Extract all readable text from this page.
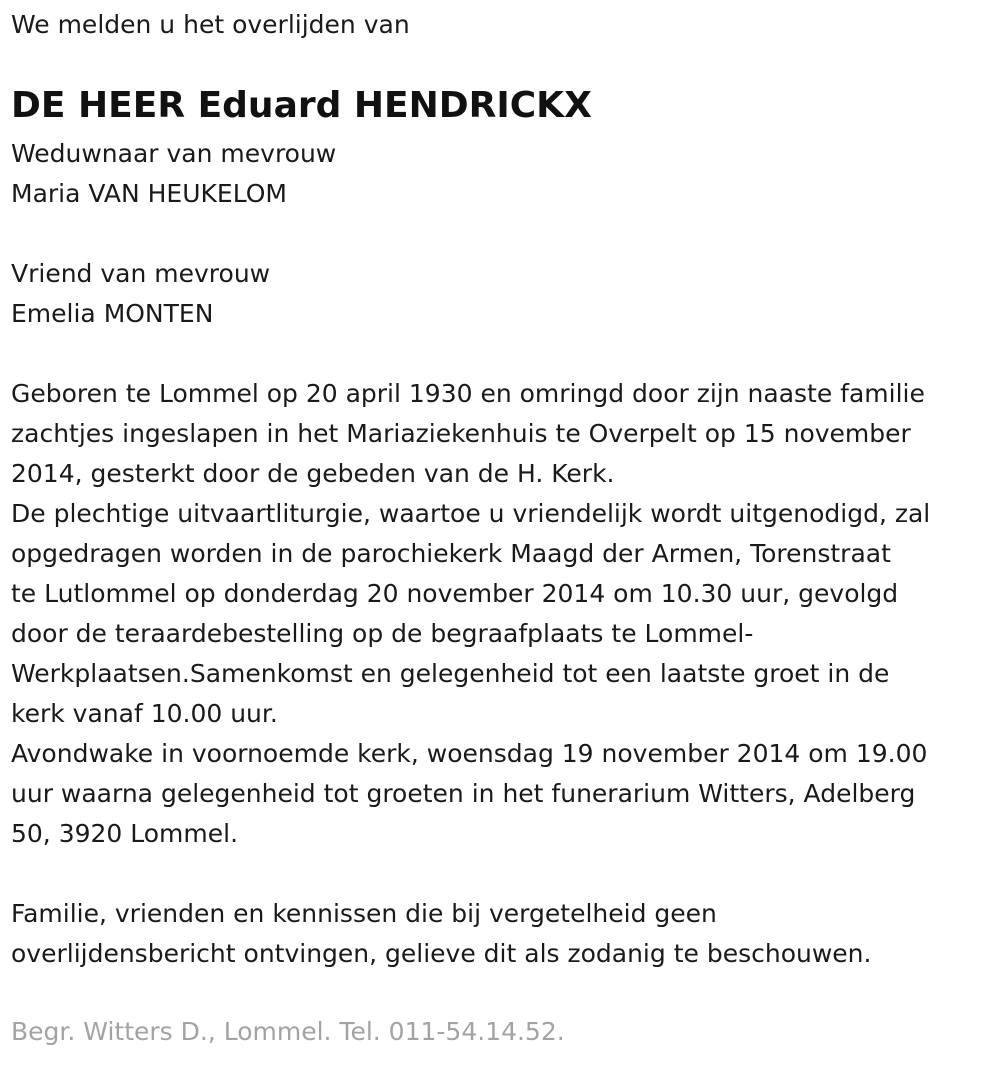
We melden u het overlijden van

DE HEER Eduard HENDRICKX

Weduwnaar van mevrouw

Maria VAN HEUKELOM

Vriend van mevrouw

Emelia MONTEN

Geboren te Lommel op 20 april 1930 en omringd door zijn naaste familie

zachtjes ingeslapen in het Mariaziekenhuis te Overpelt op 15 november

2014, gesterkt door de gebeden van de H. Kerk.

De plechtige uitvaartliturgie, waartoe u vriendelijk wordt uitgenodigd, zal

opgedragen worden in de parochiekerk Maagd der Armen, Torenstraat

te Lutlommel op donderdag 20 november 2014 om 10.30 uur, gevolgd

door de teraardebestelling op de begraafplaats te Lommel-

Werkplaatsen.Samenkomst en gelegenheid tot een laatste groet in de

kerk vanaf 10.00 uur.

Avondwake in voornoemde kerk, woensdag 19 november 2014 om 19.00

uur waarna gelegenheid tot groeten in het funerarium Witters, Adelberg

50, 3920 Lommel.

Familie, vrienden en kennissen die bij vergetelheid geen

overlijdensbericht ontvingen, gelieve dit als zodanig te beschouwen.

Begr. Witters D., Lommel. Tel. 011-54.14.52.
